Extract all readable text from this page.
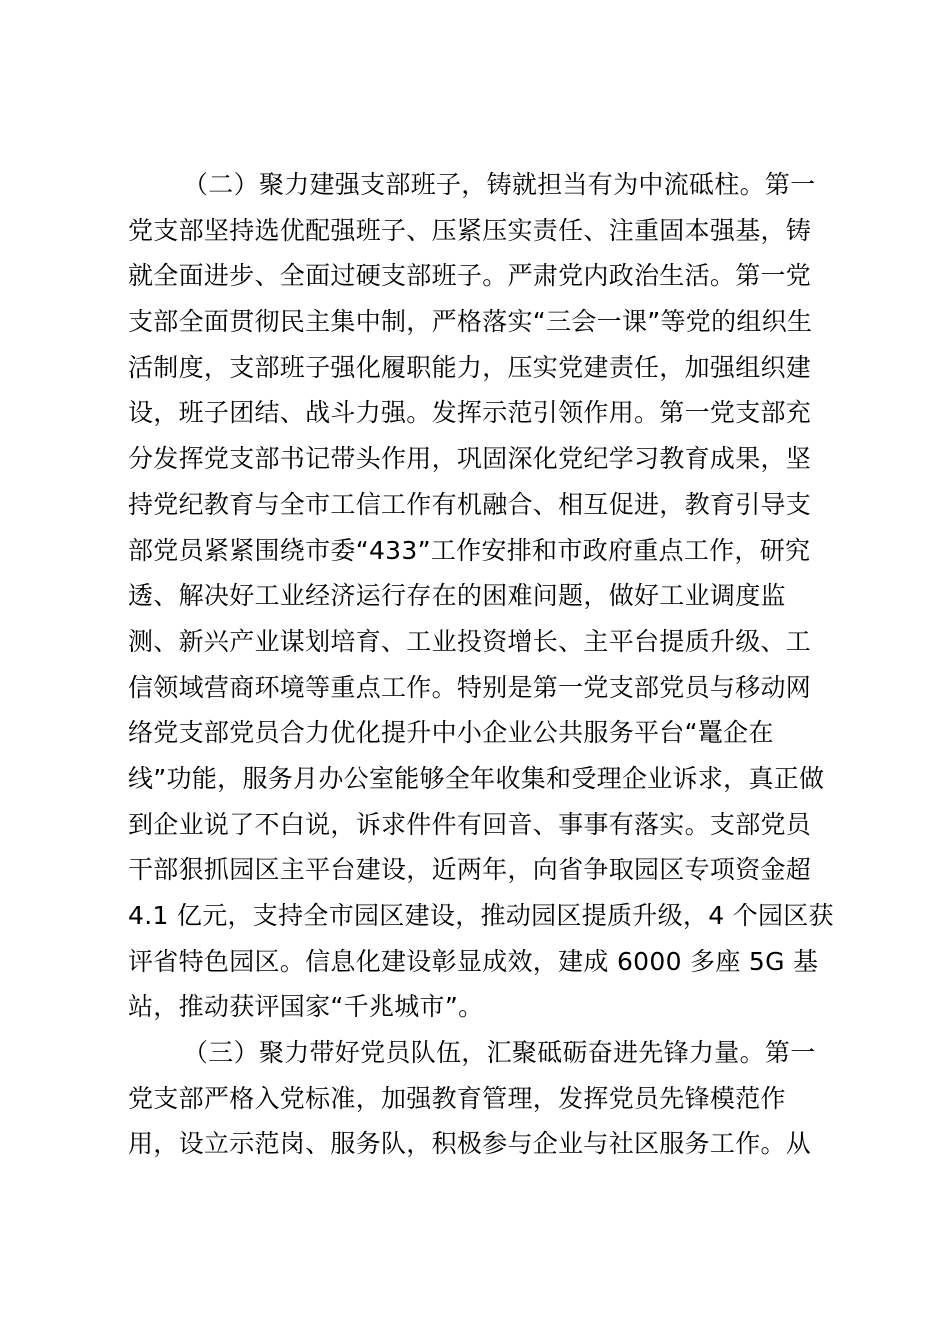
（二）聚力建强支部班子，铸就担当有为中流砥柱。第一
党支部坚持选优配强班子、压紧压实责任、注重固本强基，铸
就全面进步、全面过硬支部班子。严肃党内政治生活。第一党
支部全面贯彻民主集中制，严格落实“三会一课”等党的组织生
活制度，支部班子强化履职能力，压实党建责任，加强组织建
设，班子团结、战斗力强。发挥示范引领作用。第一党支部充
分发挥党支部书记带头作用，巩固深化党纪学习教育成果，坚
持党纪教育与全市工信工作有机融合、相互促进，教育引导支
部党员紧紧围绕市委“433”工作安排和市政府重点工作，研究
透、解决好工业经济运行存在的困难问题，做好工业调度监
测、新兴产业谋划培育、工业投资增长、主平台提质升级、工
信领域营商环境等重点工作。特别是第一党支部党员与移动网
络党支部党员合力优化提升中小企业公共服务平台“鼍企在
线”功能，服务月办公室能够全年收集和受理企业诉求，真正做
到企业说了不白说，诉求件件有回音、事事有落实。支部党员
干部狠抓园区主平台建设，近两年，向省争取园区专项资金超
4.1 亿元，支持全市园区建设，推动园区提质升级，4 个园区获
评省特色园区。信息化建设彰显成效，建成 6000 多座 5G 基
站，推动获评国家“千兆城市”。
（三）聚力带好党员队伍，汇聚砥砺奋进先锋力量。第一
党支部严格入党标准，加强教育管理，发挥党员先锋模范作
用，设立示范岗、服务队，积极参与企业与社区服务工作。从
